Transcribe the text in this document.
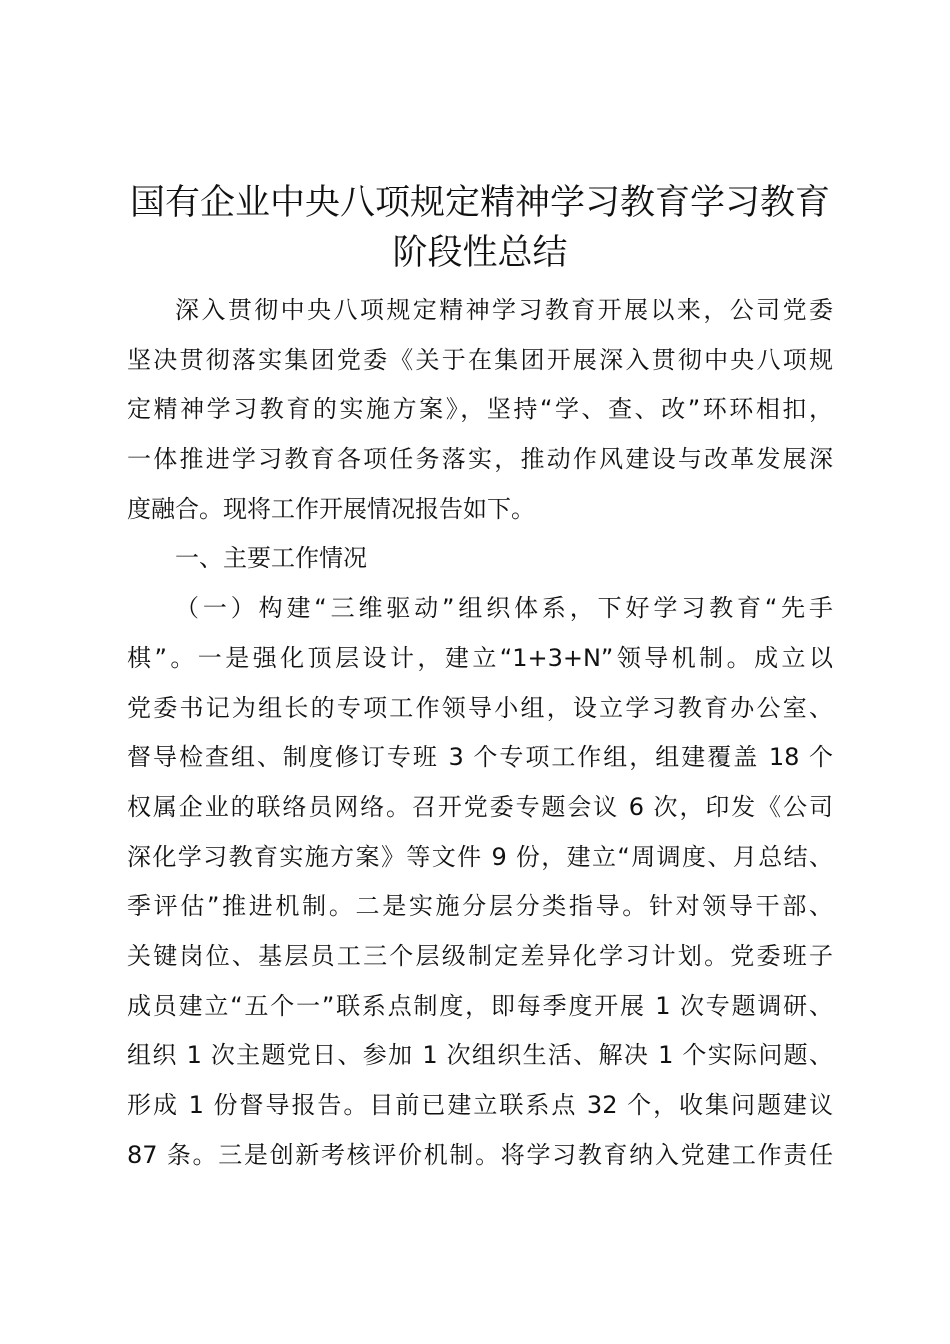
国有企业中央八项规定精神学习教育学习教育
阶段性总结
深入贯彻中央八项规定精神学习教育开展以来，公司党委
坚决贯彻落实集团党委《关于在集团开展深入贯彻中央八项规
定精神学习教育的实施方案》，坚持“学、查、改”环环相扣，
一体推进学习教育各项任务落实，推动作风建设与改革发展深
度融合。现将工作开展情况报告如下。
一、主要工作情况
（一）构建“三维驱动”组织体系，下好学习教育“先手
棋”。一是强化顶层设计，建立“1+3+N”领导机制。成立以
党委书记为组长的专项工作领导小组，设立学习教育办公室、
督导检查组、制度修订专班 3 个专项工作组，组建覆盖 18 个
权属企业的联络员网络。召开党委专题会议 6 次，印发《公司
深化学习教育实施方案》等文件 9 份，建立“周调度、月总结、
季评估”推进机制。二是实施分层分类指导。针对领导干部、
关键岗位、基层员工三个层级制定差异化学习计划。党委班子
成员建立“五个一”联系点制度，即每季度开展 1 次专题调研、
组织 1 次主题党日、参加 1 次组织生活、解决 1 个实际问题、
形成 1 份督导报告。目前已建立联系点 32 个，收集问题建议
87 条。三是创新考核评价机制。将学习教育纳入党建工作责任
